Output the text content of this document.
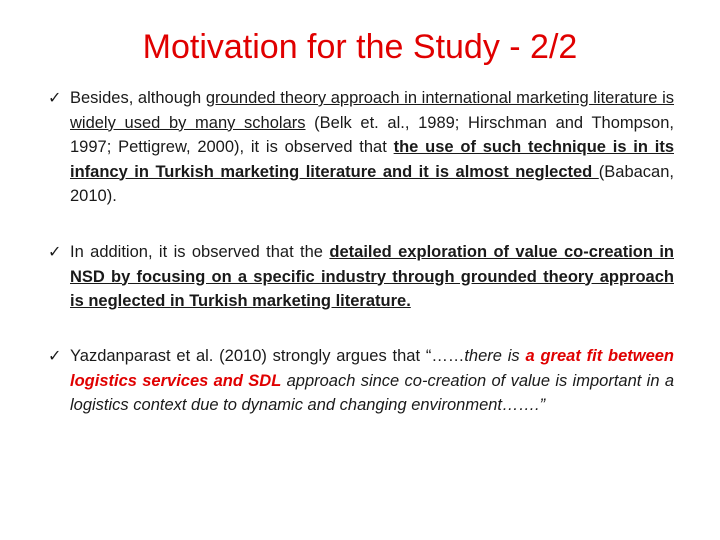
Motivation for the Study - 2/2
✓ Besides, although grounded theory approach in international marketing literature is widely used by many scholars (Belk et. al., 1989; Hirschman and Thompson, 1997; Pettigrew, 2000), it is observed that the use of such technique is in its infancy in Turkish marketing literature and it is almost neglected (Babacan, 2010).
✓ In addition, it is observed that the detailed exploration of value co-creation in NSD by focusing on a specific industry through grounded theory approach is neglected in Turkish marketing literature.
✓ Yazdanparast et al. (2010) strongly argues that “……there is a great fit between logistics services and SDL approach since co-creation of value is important in a logistics context due to dynamic and changing environment…….”
